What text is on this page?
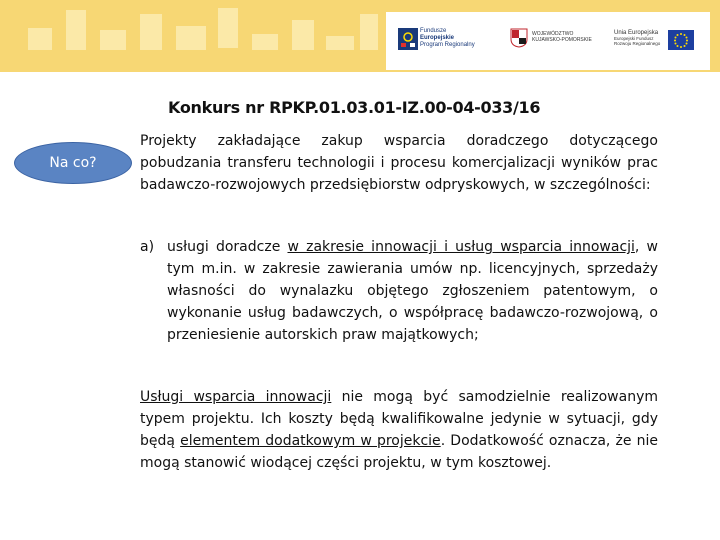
Fundusze
Europejskie
Program Regionalny
WOJEWÓDZTWO
KUJAWSKO-POMORSKIE
Unia Europejska
Europejski Fundusz
Rozwoju Regionalnego
Konkurs nr RPKP.01.03.01-IZ.00-04-033/16
Na co?
Projekty zakładające zakup wsparcia doradczego dotyczącego pobudzania transferu technologii i procesu komercjalizacji wyników prac badawczo-rozwojowych przedsiębiorstw odpryskowych, w szczególności:
a) usługi doradcze w zakresie innowacji i usług wsparcia innowacji, w tym m.in. w zakresie zawierania umów np. licencyjnych, sprzedaży własności do wynalazku objętego zgłoszeniem patentowym, o wykonanie usług badawczych, o współpracę badawczo-rozwojową, o przeniesienie autorskich praw majątkowych;
Usługi wsparcia innowacji nie mogą być samodzielnie realizowanym typem projektu. Ich koszty będą kwalifikowalne jedynie w sytuacji, gdy będą elementem dodatkowym w projekcie. Dodatkowość oznacza, że nie mogą stanowić wiodącej części projektu, w tym kosztowej.
